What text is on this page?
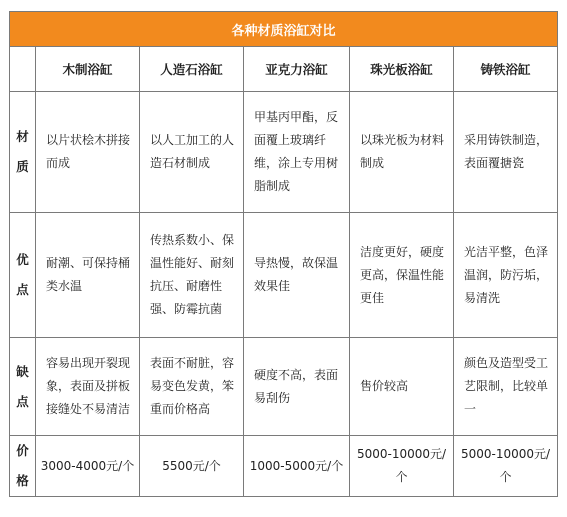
各种材质浴缸对比					
	木制浴缸	人造石浴缸	亚克力浴缸	珠光板浴缸	铸铁浴缸

材
质	以片状桧木拼接而成	以人工加工的人造石材制成	甲基丙甲酯，反面覆上玻璃纤维，涂上专用树脂制成	以珠光板为材料制成	采用铸铁制造，表面覆搪瓷

优
点	耐潮、可保持桶类水温	传热系数小、保温性能好、耐刻抗压、耐磨性强、防霉抗菌	导热慢，故保温效果佳	洁度更好，硬度更高，保温性能更佳	光洁平整，色泽温润，防污垢，易清洗

缺
点	容易出现开裂现象，表面及拼板接缝处不易清洁	表面不耐脏，容易变色发黄，笨重而价格高	硬度不高，表面易刮伤	售价较高	颜色及造型受工艺限制，比较单一

价
格	3000-4000元/个	5500元/个	1000-5000元/个	5000-10000元/个	5000-10000元/个
